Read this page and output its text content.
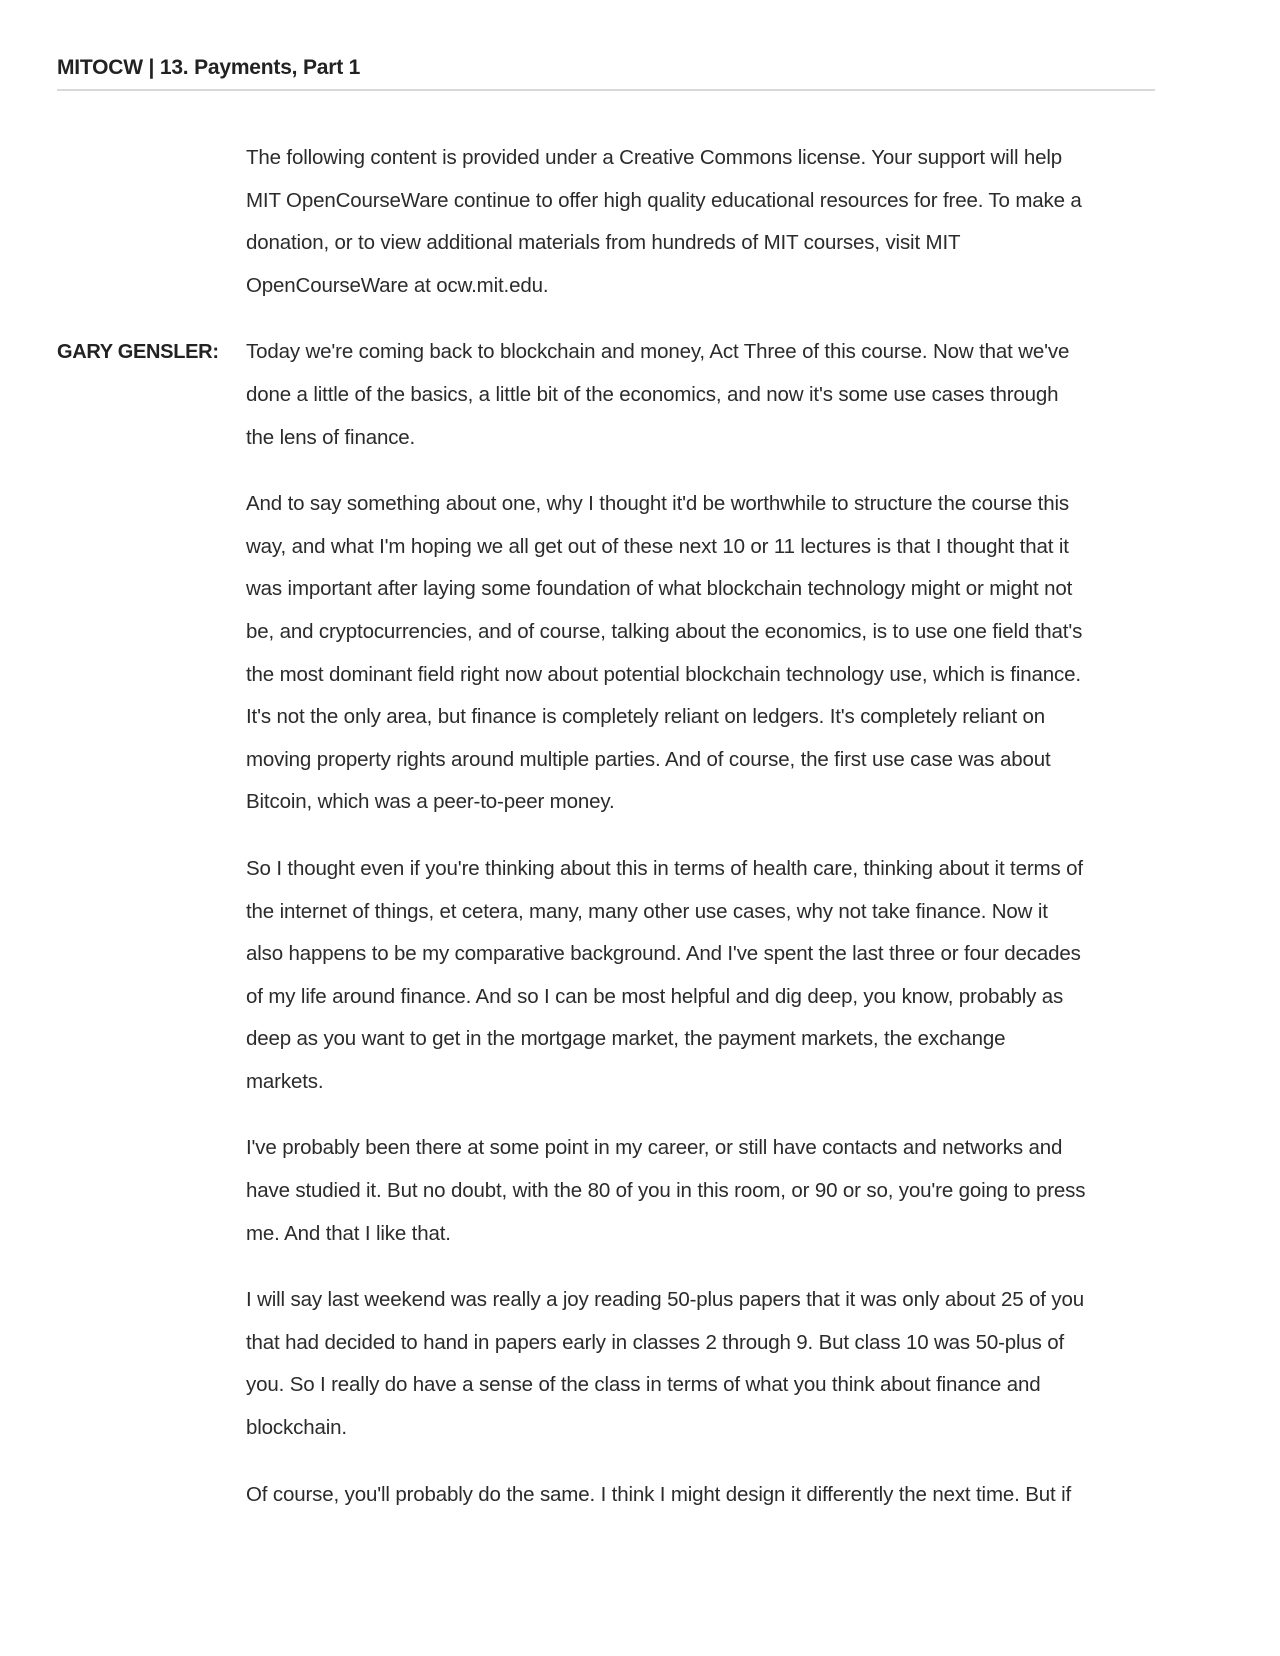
MITOCW | 13. Payments, Part 1
The following content is provided under a Creative Commons license. Your support will help
MIT OpenCourseWare continue to offer high quality educational resources for free. To make a
donation, or to view additional materials from hundreds of MIT courses, visit MIT
OpenCourseWare at ocw.mit.edu.
GARY GENSLER: Today we're coming back to blockchain and money, Act Three of this course. Now that we've
done a little of the basics, a little bit of the economics, and now it's some use cases through
the lens of finance.
And to say something about one, why I thought it'd be worthwhile to structure the course this
way, and what I'm hoping we all get out of these next 10 or 11 lectures is that I thought that it
was important after laying some foundation of what blockchain technology might or might not
be, and cryptocurrencies, and of course, talking about the economics, is to use one field that's
the most dominant field right now about potential blockchain technology use, which is finance.
It's not the only area, but finance is completely reliant on ledgers. It's completely reliant on
moving property rights around multiple parties. And of course, the first use case was about
Bitcoin, which was a peer-to-peer money.
So I thought even if you're thinking about this in terms of health care, thinking about it terms of
the internet of things, et cetera, many, many other use cases, why not take finance. Now it
also happens to be my comparative background. And I've spent the last three or four decades
of my life around finance. And so I can be most helpful and dig deep, you know, probably as
deep as you want to get in the mortgage market, the payment markets, the exchange
markets.
I've probably been there at some point in my career, or still have contacts and networks and
have studied it. But no doubt, with the 80 of you in this room, or 90 or so, you're going to press
me. And that I like that.
I will say last weekend was really a joy reading 50-plus papers that it was only about 25 of you
that had decided to hand in papers early in classes 2 through 9. But class 10 was 50-plus of
you. So I really do have a sense of the class in terms of what you think about finance and
blockchain.
Of course, you'll probably do the same. I think I might design it differently the next time. But if
